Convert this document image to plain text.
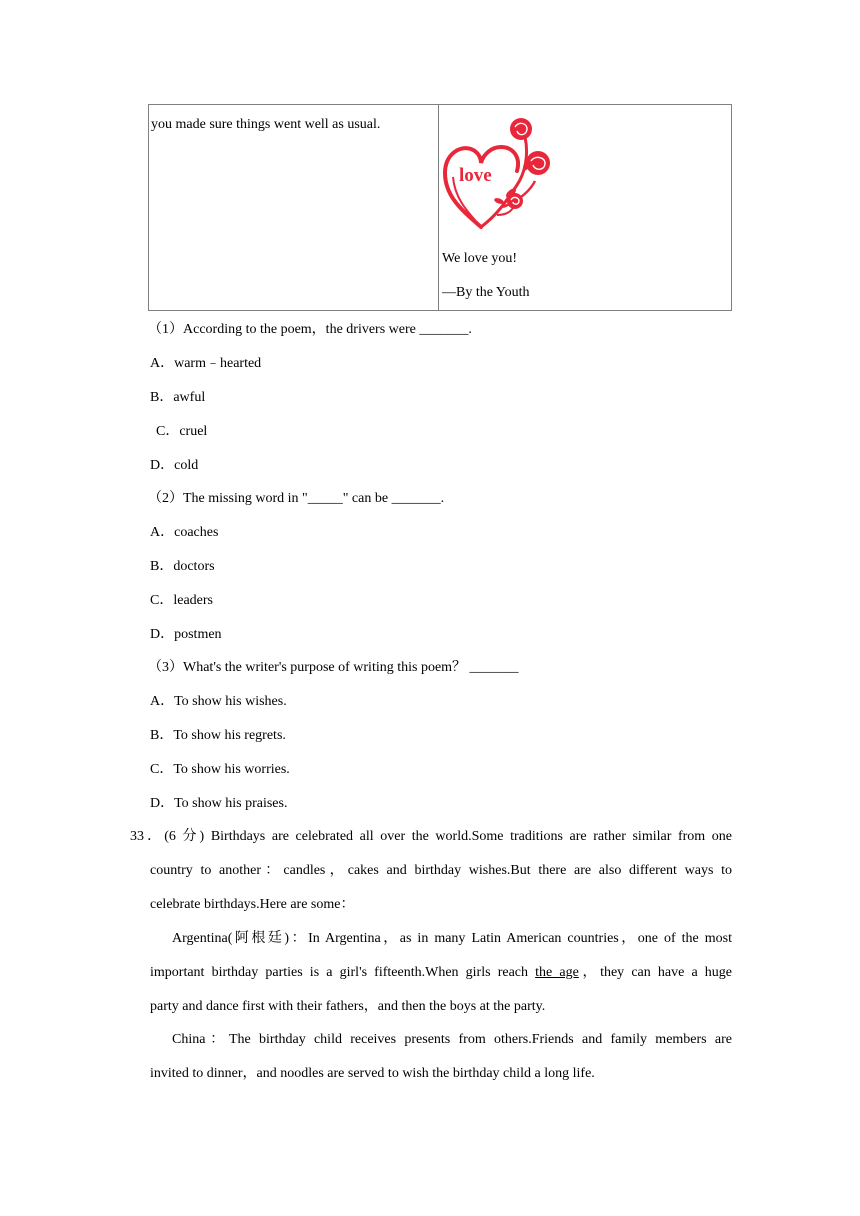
you made sure things went well as usual.

love
We love you!
—By the Youth
（1）According to the poem，the drivers were _______.
A．warm﹣hearted
B．awful
C．cruel
D．cold
（2）The missing word in "_____" can be _______.
A．coaches
B．doctors
C．leaders
D．postmen
（3）What's the writer's purpose of writing this poem？ _______
A．To show his wishes.
B．To show his regrets.
C．To show his worries.
D．To show his praises.
33．(6 分) Birthdays are celebrated all over the world.Some traditions are rather similar from one
country to another：candles，cakes and birthday wishes.But there are also different ways to
celebrate birthdays.Here are some：
Argentina(阿根廷)：In Argentina，as in many Latin American countries，one of the most
important birthday parties is a girl's fifteenth.When girls reach the age，they can have a huge
party and dance first with their fathers，and then the boys at the party.
China：The birthday child receives presents from others.Friends and family members are
invited to dinner，and noodles are served to wish the birthday child a long life.
